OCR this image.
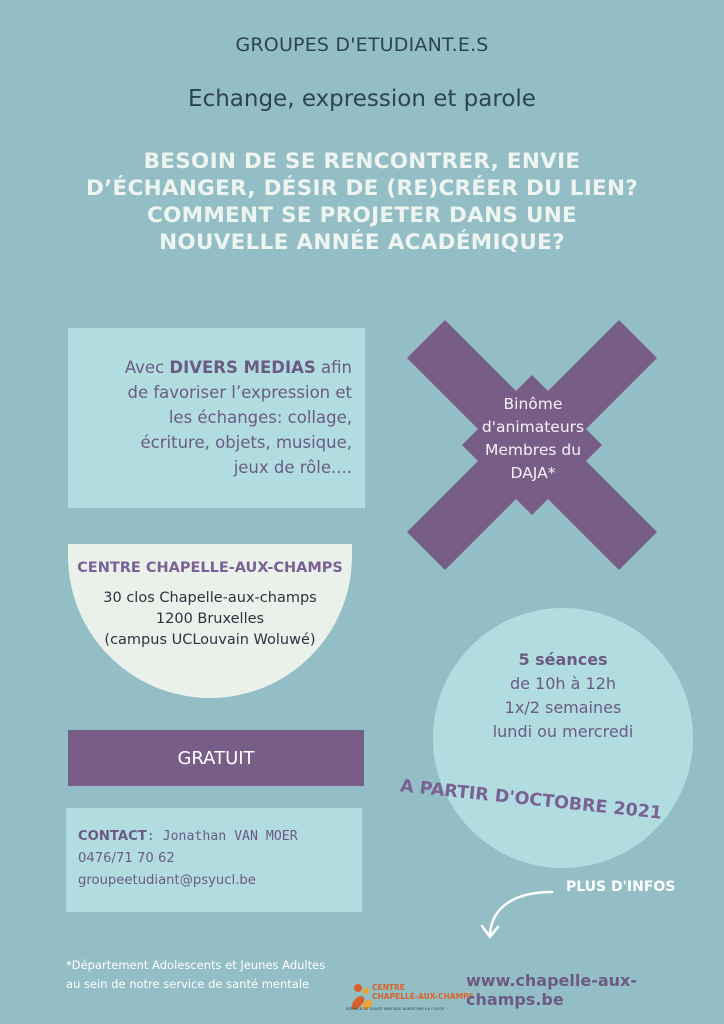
GROUPES D'ETUDIANT.E.S
Echange, expression et parole
BESOIN DE SE RENCONTRER, ENVIE
D’ÉCHANGER, DÉSIR DE (RE)CRÉER DU LIEN?
COMMENT SE PROJETER DANS UNE
NOUVELLE ANNÉE ACADÉMIQUE?
Avec DIVERS MEDIAS afin
de favoriser l’expression et
les échanges: collage,
écriture, objets, musique,
jeux de rôle....
Binôme
d'animateurs
Membres du
DAJA*
CENTRE CHAPELLE-AUX-CHAMPS
30 clos Chapelle-aux-champs
1200 Bruxelles
(campus UCLouvain Woluwé)
5 séances
de 10h à 12h
1x/2 semaines
lundi ou mercredi
GRATUIT
A PARTIR D'OCTOBRE 2021
CONTACT: Jonathan VAN MOER
0476/71 70 62
groupeetudiant@psyucl.be	PLUS D'INFOS
*Département Adolescents et Jeunes Adultes
au sein de notre service de santé mentale	CENTRE
CHAPELLE-AUX-CHAMPS
SERVICE DE SANTÉ MENTALE AGRÉÉ PAR LA COCOF
www.chapelle-aux-champs.be
